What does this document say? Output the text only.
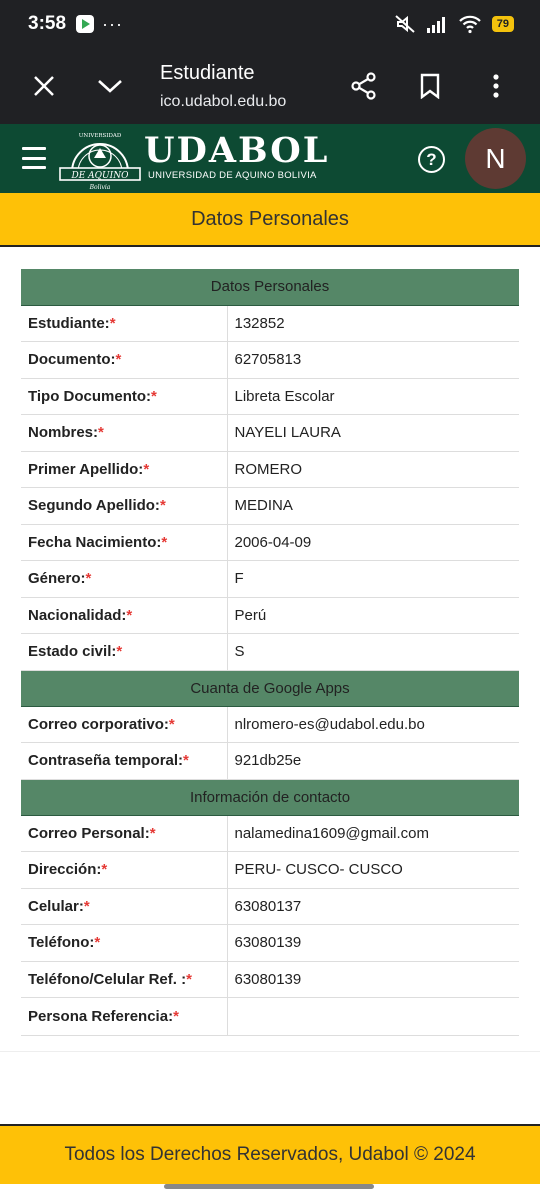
3:58 ···	79
Estudiante
ico.udabol.edu.bo
DE AQUINO
Bolivia
UNIVERSIDAD UDABOL
UNIVERSIDAD DE AQUINO BOLIVIA
?	N
Datos Personales
Datos Personales	
Estudiante:*	132852
Documento:*	62705813
Tipo Documento:*	Libreta Escolar
Nombres:*	NAYELI LAURA
Primer Apellido:*	ROMERO
Segundo Apellido:*	MEDINA
Fecha Nacimiento:*	2006-04-09
Género:*	F
Nacionalidad:*	Perú
Estado civil:*	S
Cuanta de Google Apps	
Correo corporativo:*	nlromero-es@udabol.edu.bo
Contraseña temporal:*	921db25e
Información de contacto	
Correo Personal:*	nalamedina1609@gmail.com
Dirección:*	PERU- CUSCO- CUSCO
Celular:*	63080137
Teléfono:*	63080139
Teléfono/Celular Ref. :*	63080139
Persona Referencia:*	

Todos los Derechos Reservados, Udabol © 2024
